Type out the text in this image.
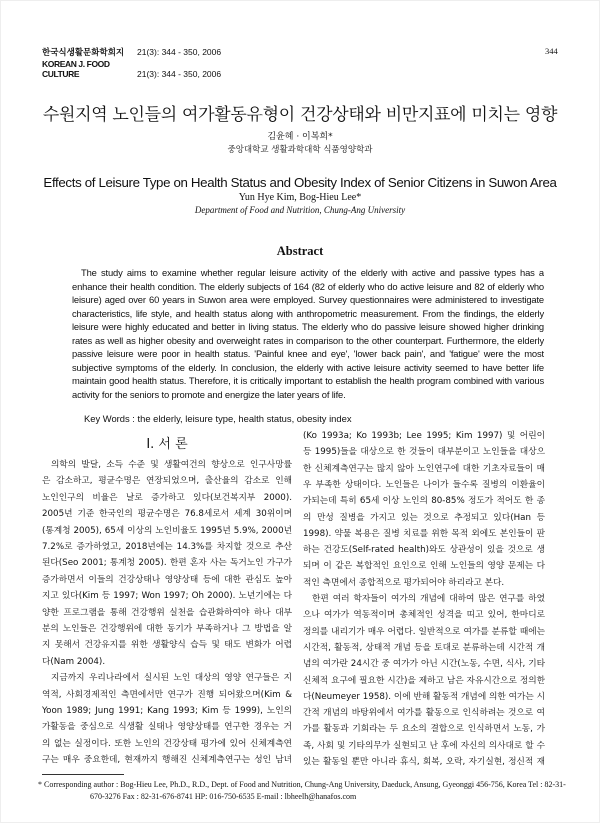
한국식생활문화학회지 21(3): 344 - 350, 2006
KOREAN J. FOOD CULTURE	21(3): 344 - 350, 2006
344
수원지역 노인들의 여가활동유형이 건강상태와 비만지표에 미치는 영향
김윤혜 · 이복희*
중앙대학교 생활과학대학 식품영양학과
Effects of Leisure Type on Health Status and Obesity Index of Senior Citizens in Suwon Area
Yun Hye Kim, Bog-Hieu Lee*
Department of Food and Nutrition, Chung-Ang University
Abstract
The study aims to examine whether regular leisure activity of the elderly with active and passive types has a
enhance their health condition. The elderly subjects of 164 (82 of elderly who do active leisure and 82 of elderly who
leisure) aged over 60 years in Suwon area were employed. Survey questionnaires were administered to investigate
characteristics, life style, and health status along with anthropometric measurement. From the findings, the elderly
leisure were highly educated and better in living status. The elderly who do passive leisure showed higher drinking
rates as well as higher obesity and overweight rates in comparison to the other counterpart. Furthermore, the elderly
passive leisure were poor in health status. 'Painful knee and eye', 'lower back pain', and 'fatigue' were the most
subjective symptoms of the elderly. In conclusion, the elderly with active leisure activity seemed to have better life
maintain good health status. Therefore, it is critically important to establish the health program combined with various
activity for the seniors to promote and energize the later years of life.
Key Words : the elderly, leisure type, health status, obesity index
I. 서 론
의학의 발달, 소득 수준 및 생활여건의 향상으로 인구사망률
은 감소하고, 평균수명은 연장되었으며, 출산율의 감소로 인해
노인인구의 비율은 날로 증가하고 있다(보건복지부 2000).
2005년 기준 한국인의 평균수명은 76.8세로서 세계 30위이며
(통계청 2005), 65세 이상의 노인비율도 1995년 5.9%, 2000년
7.2%로 증가하였고, 2018년에는 14.3%를 차지할 것으로 추산
된다(Seo 2001; 통계청 2005). 한편 혼자 사는 독거노인 가구가
증가하면서 이들의 건강상태나 영양상태 등에 대한 관심도 높아
지고 있다(Kim 등 1997; Won 1997; Oh 2000). 노년기에는 다
양한 프로그램을 통해 건강행위 실천을 습관화하여야 하나 대부
분의 노인들은 건강행위에 대한 동기가 부족하거나 그 방법을 알
지 못해서 건강유지를 위한 생활양식 습득 및 태도 변화가 어렵
다(Nam 2004).
지금까지 우리나라에서 실시된 노인 대상의 영양 연구들은 지
역적, 사회경제적인 측면에서만 연구가 진행 되어왔으며(Kim &
Yoon 1989; Jung 1991; Kang 1993; Kim 등 1999), 노인의
가활동을 중심으로 식생활 실태나 영양상태를 연구한 경우는 거
의 없는 실정이다. 또한 노인의 건강상태 평가에 있어 신체계측연
구는 매우 중요한데, 현재까지 행해진 신체계측연구는 성인 남녀
(Ko 1993a; Ko 1993b; Lee 1995; Kim 1997) 및 어린이
등 1995)들을 대상으로 한 것들이 대부분이고 노인들을 대상으
한 신체계측연구는 많지 않아 노인연구에 대한 기초자료들이 매
우 부족한 상태이다. 노인들은 나이가 들수록 질병의 이환율이
가되는데 특히 65세 이상 노인의 80-85% 정도가 적어도 한 종
의 만성 질병을 가지고 있는 것으로 추정되고 있다(Han 등
1998). 약물 복용은 질병 치료를 위한 목적 외에도 본인들이 판
하는 건강도(Self-rated health)와도 상관성이 있을 것으로 생
되며 이 같은 복합적인 요인으로 인해 노인들의 영양 문제는 다
적인 측면에서 종합적으로 평가되어야 하리라고 본다.
한편 여러 학자들이 여가의 개념에 대하여 많은 연구를 하였
으나 여가가 역동적이며 총체적인 성격을 띠고 있어, 한마디로
정의를 내리기가 매우 어렵다. 일반적으로 여가를 분류할 때에는
시간적, 활동적, 상태적 개념 등을 토대로 분류하는데 시간적 개
념의 여가란 24시간 중 여가가 아닌 시간(노동, 수면, 식사, 기타
신체적 요구에 필요한 시간)을 제하고 남은 자유시간으로 정의한
다(Neumeyer 1958). 이에 반해 활동적 개념에 의한 여가는 시
간적 개념의 바탕위에서 여가를 활동으로 인식하려는 것으로 여
가를 활동과 기회라는 두 요소의 결합으로 인식하면서 노동, 가
족, 사회 및 기타의무가 실현되고 난 후에 자신의 의사대로 할 수
있는 활동일 뿐만 아니라 휴식, 회복, 오락, 자기실현, 정신적 재
* Corresponding author : Bog-Hieu Lee, Ph.D., R.D., Dept. of Food and Nutrition, Chung-Ang University, Daeduck, Ansung, Gyeonggi 456-756, Korea Tel : 82-31-
670-3276 Fax : 82-31-676-8741 HP: 016-750-6535 E-mail : lbheelh@hanafos.com
